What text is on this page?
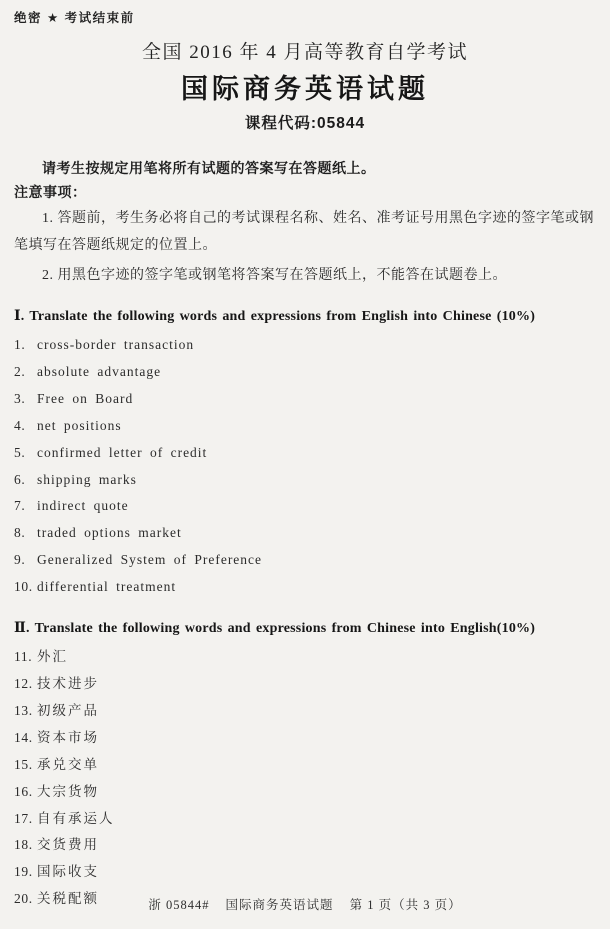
绝密 ★ 考试结束前
全国 2016 年 4 月高等教育自学考试
国际商务英语试题
课程代码:05844

请考生按规定用笔将所有试题的答案写在答题纸上。

注意事项：

1. 答题前，考生务必将自己的考试课程名称、姓名、准考证号用黑色字迹的签字笔或钢笔填写在答题纸规定的位置上。

2. 用黑色字迹的签字笔或钢笔将答案写在答题纸上，不能答在试题卷上。

Ⅰ. Translate the following words and expressions from English into Chinese (10%)
1. cross-border transaction
2. absolute advantage
3. Free on Board
4. net positions
5. confirmed letter of credit
6. shipping marks
7. indirect quote
8. traded options market
9. Generalized System of Preference
10. differential treatment
Ⅱ. Translate the following words and expressions from Chinese into English(10%)
11. 外汇
12. 技术进步
13. 初级产品
14. 资本市场
15. 承兑交单
16. 大宗货物
17. 自有承运人
18. 交货费用
19. 国际收支
20. 关税配额	浙 05844# 国际商务英语试题 第 1 页（共 3 页）
